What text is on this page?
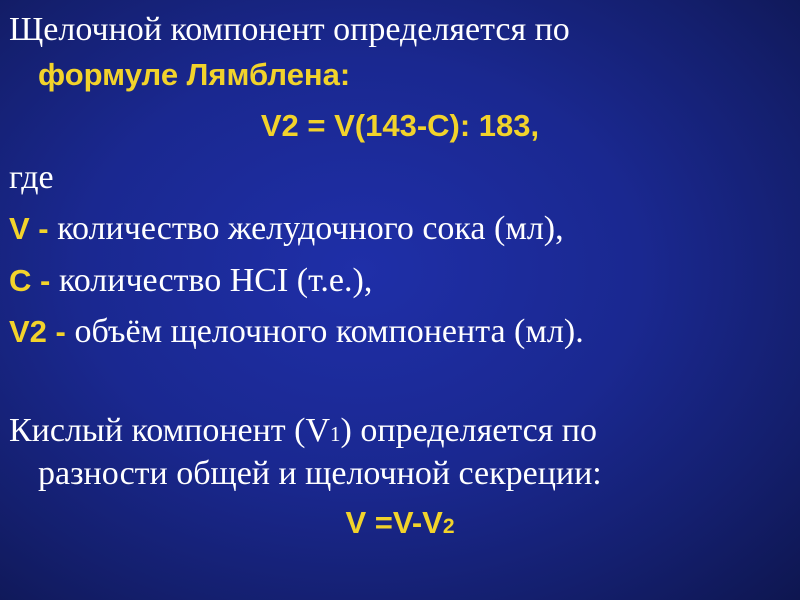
Щелочной компонент определяется по
формуле Лямблена:
V2 = V(143-C): 183,
где
V - количество желудочного сока (мл),
C - количество HCI (т.е.),
V2 - объём щелочного компонента (мл).
Кислый компонент (V1) определяется по
разности общей и щелочной секреции:
V =V-V2
